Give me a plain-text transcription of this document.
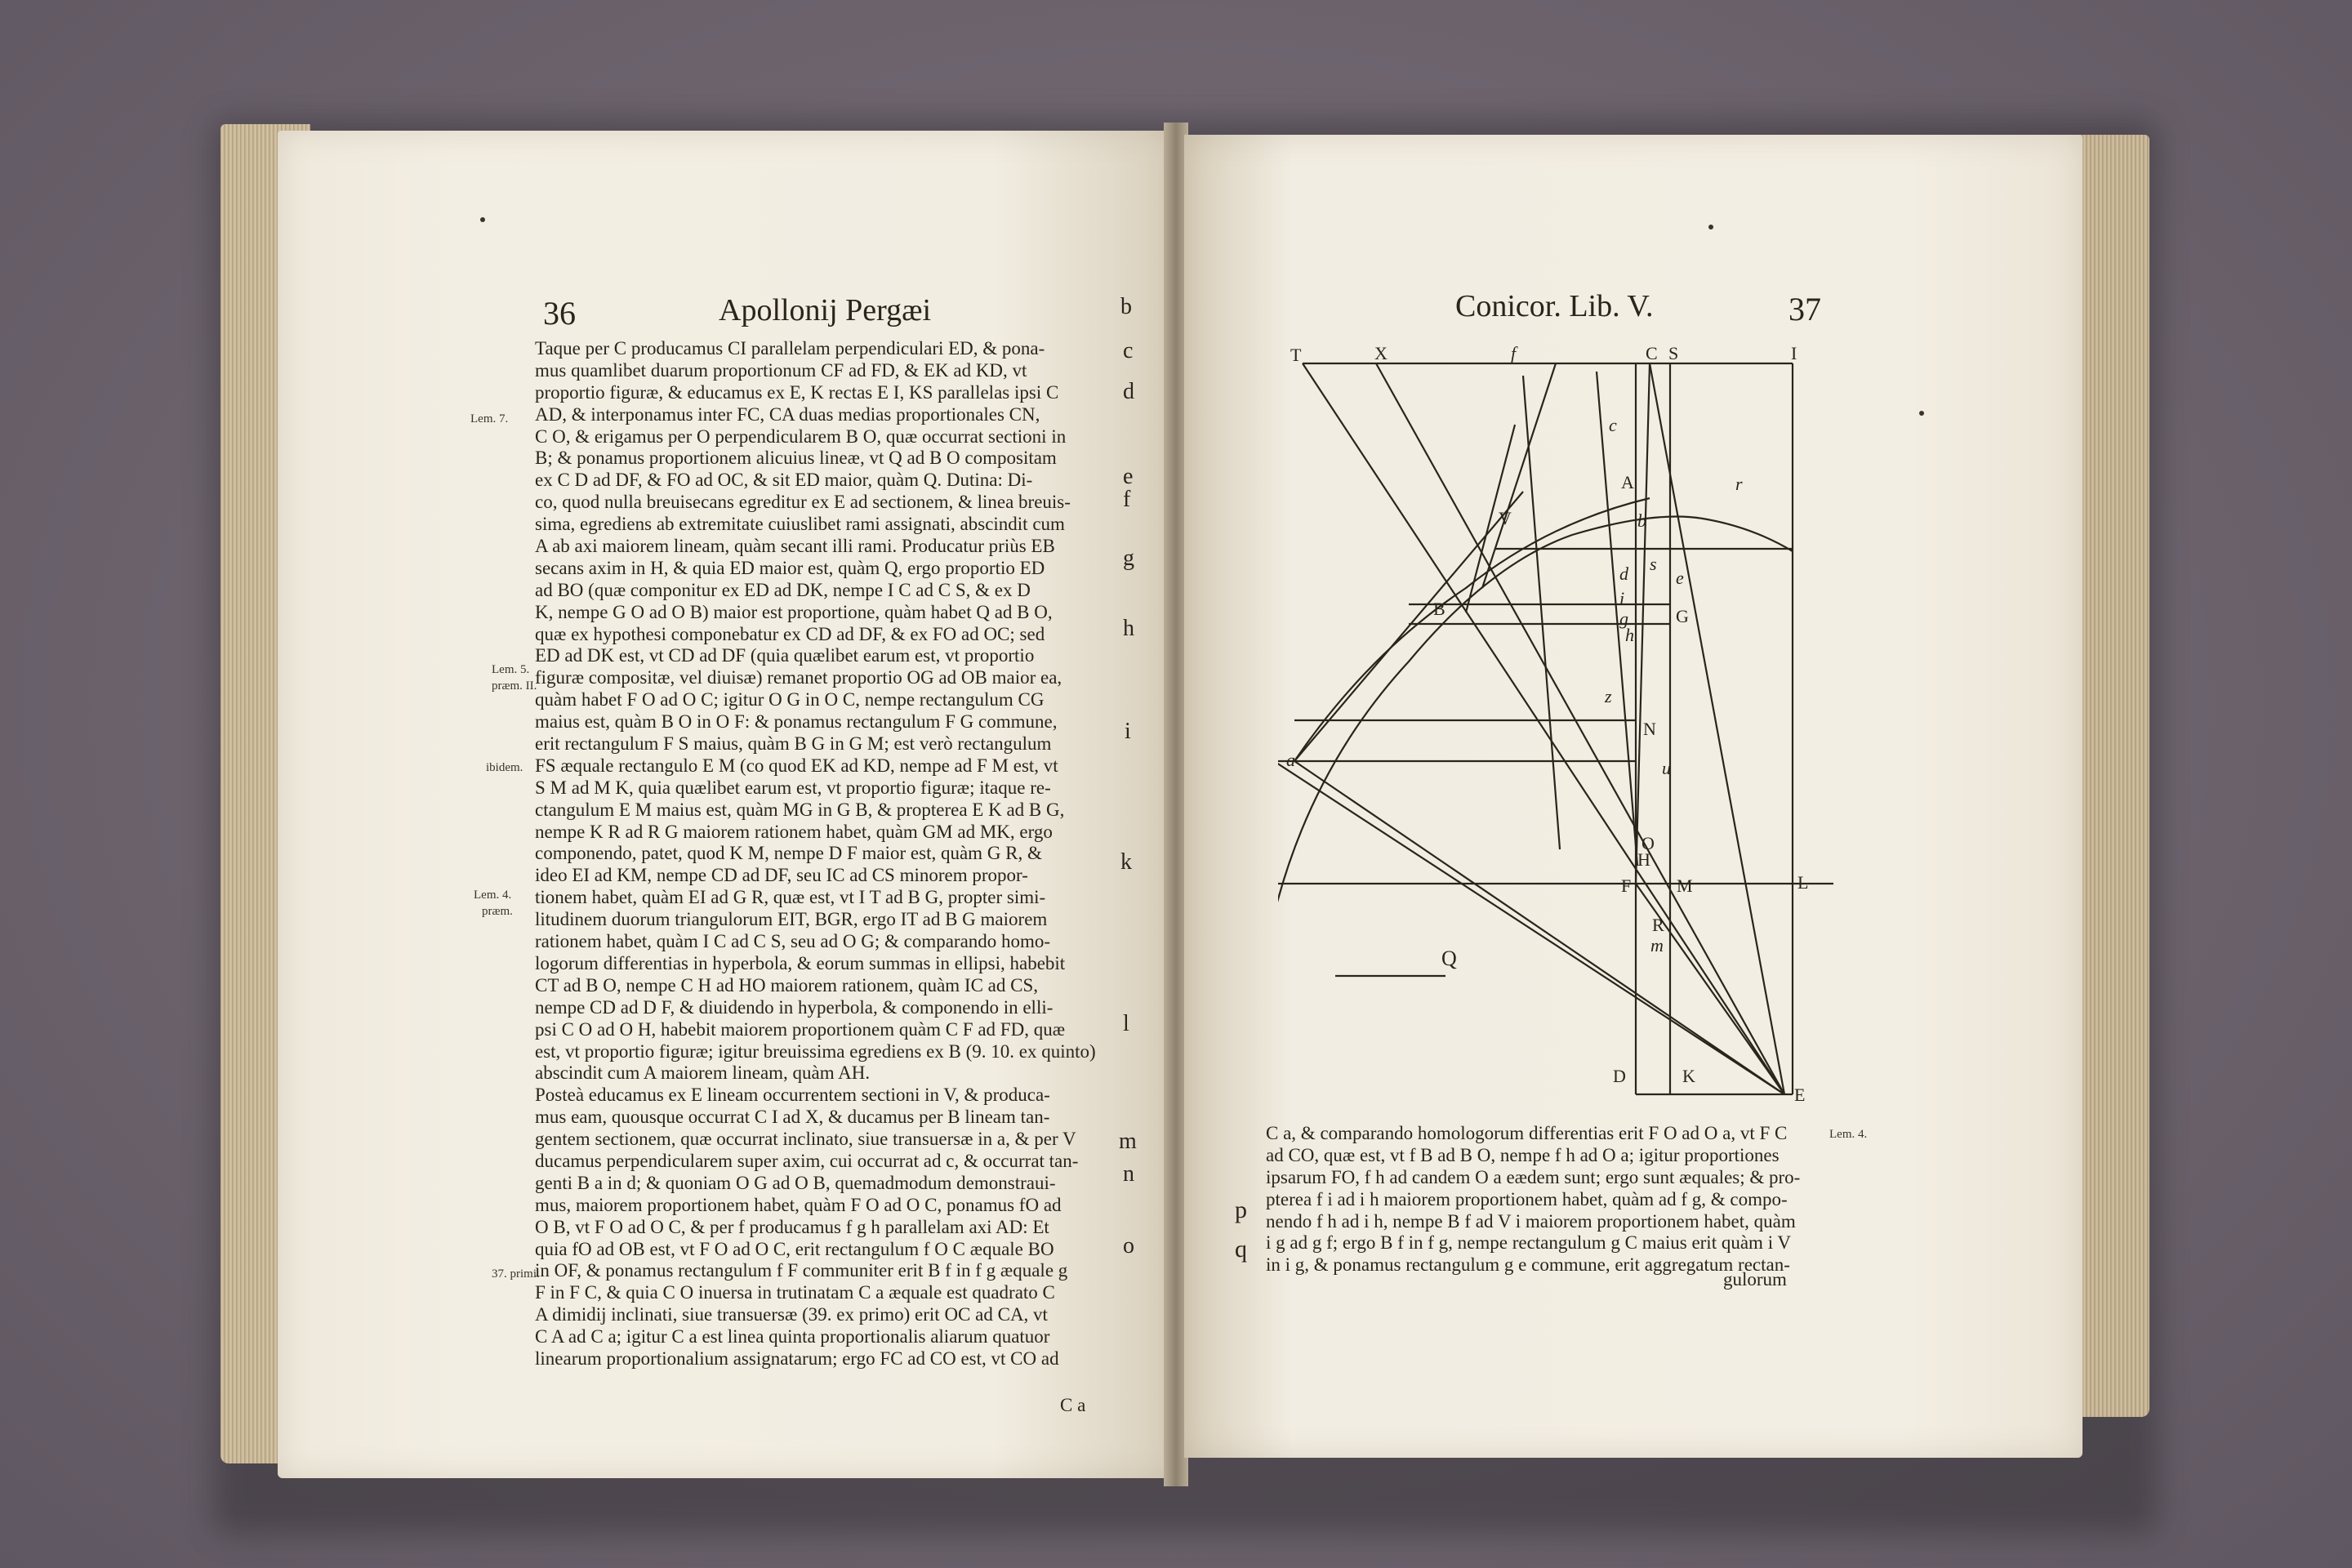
36	Apollonij Pergæi
Taque per C producamus CI parallelam perpendiculari ED, & pona-
mus quamlibet duarum proportionum CF ad FD, & EK ad KD, vt
proportio figuræ, & educamus ex E, K rectas E I, KS parallelas ipsi C
AD, & interponamus inter FC, CA duas medias proportionales CN,
C O, & erigamus per O perpendicularem B O, quæ occurrat sectioni in
B; & ponamus proportionem alicuius lineæ, vt Q ad B O compositam
ex C D ad DF, & FO ad OC, & sit ED maior, quàm Q. Dutina: Di-
co, quod nulla breuisecans egreditur ex E ad sectionem, & linea breuis-
sima, egrediens ab extremitate cuiuslibet rami assignati, abscindit cum
A ab axi maiorem lineam, quàm secant illi rami. Producatur priùs EB
secans axim in H, & quia ED maior est, quàm Q, ergo proportio ED
ad BO (quæ componitur ex ED ad DK, nempe I C ad C S, & ex D
K, nempe G O ad O B) maior est proportione, quàm habet Q ad B O,
quæ ex hypothesi componebatur ex CD ad DF, & ex FO ad OC; sed
ED ad DK est, vt CD ad DF (quia quælibet earum est, vt proportio
figuræ compositæ, vel diuisæ) remanet proportio OG ad OB maior ea,
quàm habet F O ad O C; igitur O G in O C, nempe rectangulum CG
maius est, quàm B O in O F: & ponamus rectangulum F G commune,
erit rectangulum F S maius, quàm B G in G M; est verò rectangulum
FS æquale rectangulo E M (co quod EK ad KD, nempe ad F M est, vt
S M ad M K, quia quælibet earum est, vt proportio figuræ; itaque re-
ctangulum E M maius est, quàm MG in G B, & propterea E K ad B G,
nempe K R ad R G maiorem rationem habet, quàm GM ad MK, ergo
componendo, patet, quod K M, nempe D F maior est, quàm G R, &
ideo EI ad KM, nempe CD ad DF, seu IC ad CS minorem propor-
tionem habet, quàm EI ad G R, quæ est, vt I T ad B G, propter simi-
litudinem duorum triangulorum EIT, BGR, ergo IT ad B G maiorem
rationem habet, quàm I C ad C S, seu ad O G; & comparando homo-
logorum differentias in hyperbola, & eorum summas in ellipsi, habebit
CT ad B O, nempe C H ad HO maiorem rationem, quàm IC ad CS,
nempe CD ad D F, & diuidendo in hyperbola, & componendo in elli-
psi C O ad O H, habebit maiorem proportionem quàm C F ad FD, quæ
est, vt proportio figuræ; igitur breuissima egrediens ex B (9. 10. ex quinto)
abscindit cum A maiorem lineam, quàm AH.
Posteà educamus ex E lineam occurrentem sectioni in V, & produca-
mus eam, quousque occurrat C I ad X, & ducamus per B lineam tan-
gentem sectionem, quæ occurrat inclinato, siue transuersæ in a, & per V
ducamus perpendicularem super axim, cui occurrat ad c, & occurrat tan-
genti B a in d; & quoniam O G ad O B, quemadmodum demonstraui-
mus, maiorem proportionem habet, quàm F O ad O C, ponamus fO ad
O B, vt F O ad O C, & per f producamus f g h parallelam axi AD: Et
quia fO ad OB est, vt F O ad O C, erit rectangulum f O C æquale BO
in OF, & ponamus rectangulum f F communiter erit B f in f g æquale g
F in F C, & quia C O inuersa in trutinatam C a æquale est quadrato C
A dimidij inclinati, siue transuersæ (39. ex primo) erit OC ad CA, vt
C A ad C a; igitur C a est linea quinta proportionalis aliarum quatuor
linearum proportionalium assignatarum; ergo FC ad CO est, vt CO ad
Lem. 7.
Lem. 5.
præm. II.
ibidem.
Lem. 4.
præm.
37. primi.
b
c
d
e
f
g
h
i
k
l
m
n
o
C a
Conicor. Lib. V.	37
C a, & comparando homologorum differentias erit F O ad O a, vt F C
ad CO, quæ est, vt f B ad B O, nempe f h ad O a; igitur proportiones
ipsarum FO, f h ad candem O a eædem sunt; ergo sunt æquales; & pro-
pterea f i ad i h maiorem proportionem habet, quàm ad f g, & compo-
nendo f h ad i h, nempe B f ad V i maiorem proportionem habet, quàm
i g ad g f; ergo B f in f g, nempe rectangulum g C maius erit quàm i V
in i g, & ponamus rectangulum g e commune, erit aggregatum rectan-
gulorum
Lem. 4.
p
q
T	X	f	C S	I
A
V
B
a
c
d	e
G
i
g
h
N
O
H
R
F	M	L
K
D
E
Q
z
r
b
u
m
s
